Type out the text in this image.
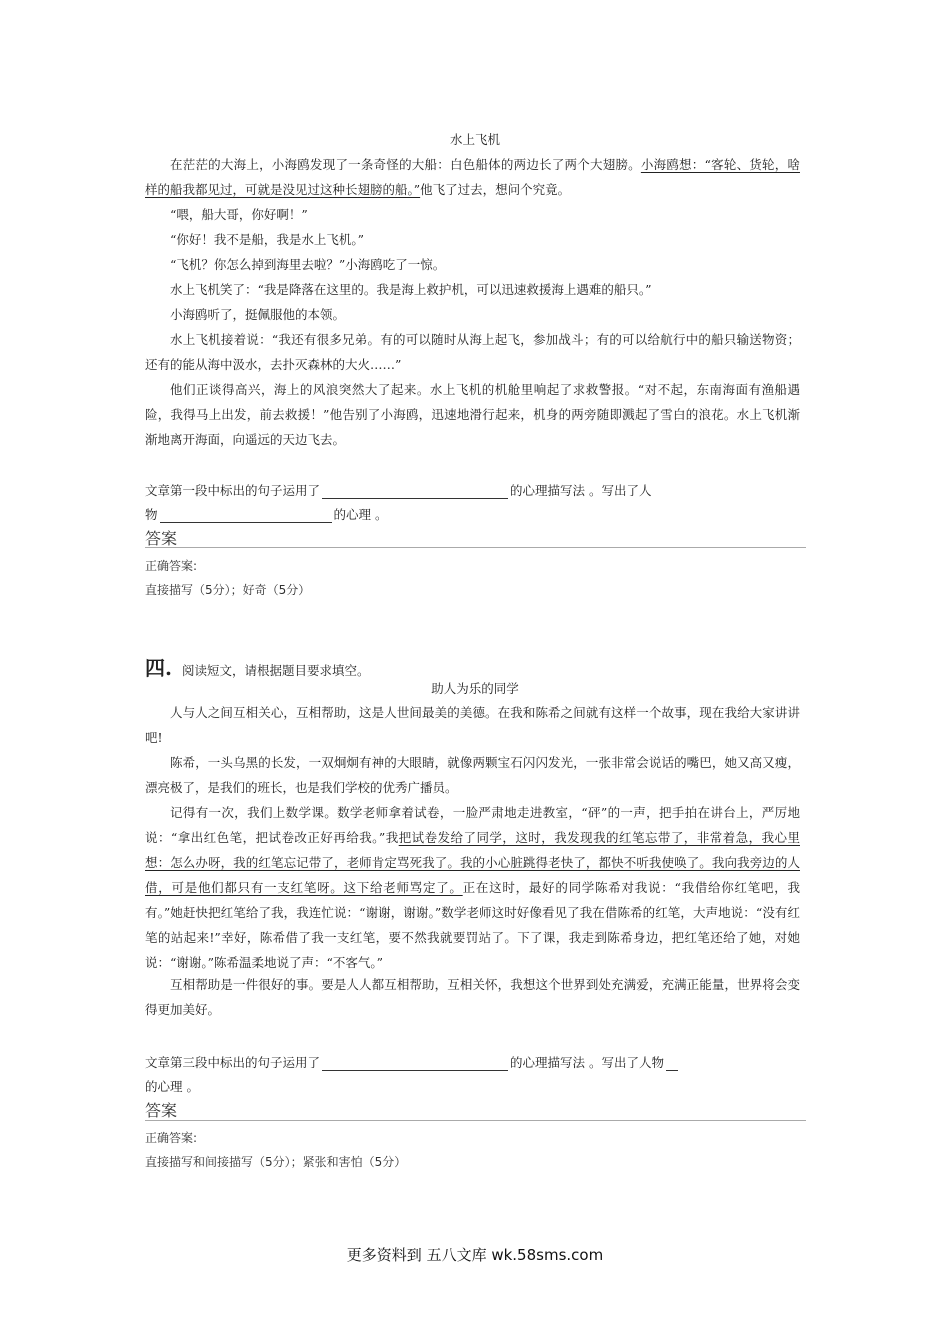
水上飞机

在茫茫的大海上，小海鸥发现了一条奇怪的大船：白色船体的两边长了两个大翅膀。小海鸥想：“客轮、货轮，啥样的船我都见过，可就是没见过这种长翅膀的船。”他飞了过去，想问个究竟。

“喂，船大哥，你好啊！”

“你好！我不是船，我是水上飞机。”

“飞机？你怎么掉到海里去啦？”小海鸥吃了一惊。

水上飞机笑了：“我是降落在这里的。我是海上救护机，可以迅速救援海上遇难的船只。”

小海鸥听了，挺佩服他的本领。

水上飞机接着说：“我还有很多兄弟。有的可以随时从海上起飞，参加战斗；有的可以给航行中的船只输送物资；还有的能从海中汲水，去扑灭森林的大火……”

他们正谈得高兴，海上的风浪突然大了起来。水上飞机的机舱里响起了求救警报。“对不起，东南海面有渔船遇险，我得马上出发，前去救援！”他告别了小海鸥，迅速地滑行起来，机身的两旁随即溅起了雪白的浪花。水上飞机渐渐地离开海面，向遥远的天边飞去。

文章第一段中标出的句子运用了	的心理描写法 。写出了人
物	的心理 。
答案
正确答案:
直接描写（5分）；好奇（5分）
四. 阅读短文，请根据题目要求填空。
助人为乐的同学

人与人之间互相关心，互相帮助，这是人世间最美的美德。在我和陈希之间就有这样一个故事，现在我给大家讲讲吧!

陈希，一头乌黑的长发，一双炯炯有神的大眼睛，就像两颗宝石闪闪发光，一张非常会说话的嘴巴，她又高又瘦，漂亮极了，是我们的班长，也是我们学校的优秀广播员。

记得有一次，我们上数学课。数学老师拿着试卷，一脸严肃地走进教室，“砰”的一声，把手拍在讲台上，严厉地说：“拿出红色笔，把试卷改正好再给我。”我把试卷发给了同学，这时，我发现我的红笔忘带了，非常着急，我心里想：怎么办呀，我的红笔忘记带了，老师肯定骂死我了。我的小心脏跳得老快了，都快不听我使唤了。我向我旁边的人借，可是他们都只有一支红笔呀。这下给老师骂定了。正在这时，最好的同学陈希对我说：“我借给你红笔吧，我有。”她赶快把红笔给了我，我连忙说：“谢谢，谢谢。”数学老师这时好像看见了我在借陈希的红笔，大声地说：“没有红笔的站起来!”幸好，陈希借了我一支红笔，要不然我就要罚站了。下了课，我走到陈希身边，把红笔还给了她，对她说：“谢谢。”陈希温柔地说了声：“不客气。”

互相帮助是一件很好的事。要是人人都互相帮助，互相关怀，我想这个世界到处充满爱，充满正能量，世界将会变得更加美好。

文章第三段中标出的句子运用了	的心理描写法 。写出了人物
的心理 。
答案
正确答案:
直接描写和间接描写（5分）；紧张和害怕（5分）
更多资料到 五八文库 wk.58sms.com
